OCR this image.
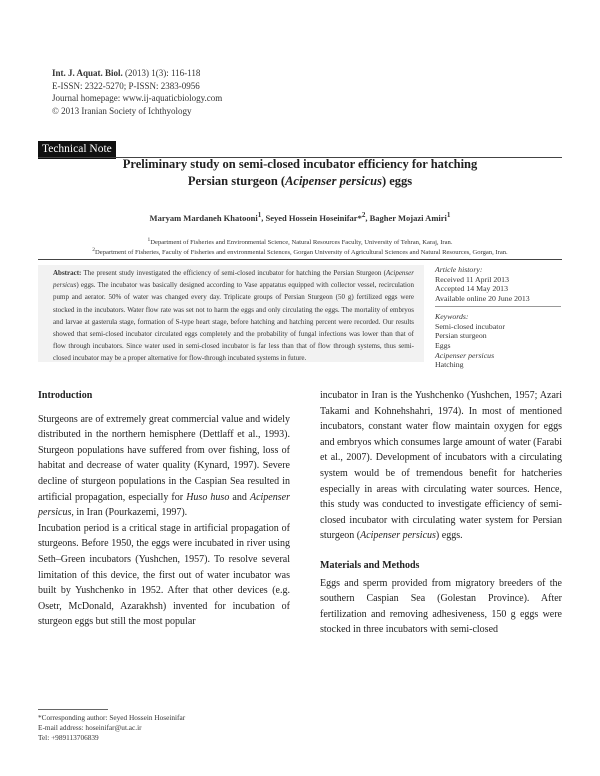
Int. J. Aquat. Biol. (2013) 1(3): 116-118
E-ISSN: 2322-5270; P-ISSN: 2383-0956
Journal homepage: www.ij-aquaticbiology.com
© 2013 Iranian Society of Ichthyology
Technical Note
Preliminary study on semi-closed incubator efficiency for hatching
Persian sturgeon (Acipenser persicus) eggs
Maryam Mardaneh Khatooni$^1$, Seyed Hossein Hoseinifar*$^2$, Bagher Mojazi Amiri$^1$
$^1$Department of Fisheries and Environmental Science, Natural Resources Faculty, University of Tehran, Karaj, Iran.
$^2$Department of Fisheries, Faculty of Fisheries and environmental Sciences, Gorgan University of Agricultural Sciences and Natural Resources, Gorgan, Iran.
Abstract: The present study investigated the efficiency of semi-closed incubator for hatching the Persian Sturgeon (Acipenser persicus) eggs. The incubator was basically designed according to Vase appatatus equipped with collector vessel, recirculation pump and aerator. 50% of water was changed every day. Triplicate groups of Persian Sturgeon (50 g) fertilized eggs were stocked in the incubators. Water flow rate was set not to harm the eggs and only circulating the eggs. The mortality of embryos and larvae at gasterula stage, formation of S-type heart stage, before hatching and hatching percent were recorded. Our results showed that semi-closed incubator circulated eggs completely and the probability of fungal infections was lower than that of flow through incubators. Since water used in semi-closed incubator is far less than that of flow through systems, thus semi-closed incubator may be a proper alternative for flow-through incubated systems in future.
Article history:
Received 11 April 2013
Accepted 14 May 2013
Available online 20 June 2013
Keywords:
Semi-closed incubator
Persian sturgeon
Eggs
Acipenser persicus
Hatching
Introduction

Sturgeons are of extremely great commercial value and widely distributed in the northern hemisphere (Dettlaff et al., 1993). Sturgeon populations have suffered from over fishing, loss of habitat and decrease of water quality (Kynard, 1997). Severe decline of sturgeon populations in the Caspian Sea resulted in artificial propagation, especially for Huso huso and Acipenser persicus, in Iran (Pourkazemi, 1997).

Incubation period is a critical stage in artificial propagation of sturgeons. Before 1950, the eggs were incubated in river using Seth–Green incubators (Yushchen, 1957). To resolve several limitation of this device, the first out of water incubator was built by Yushchenko in 1952. After that other devices (e.g. Osetr, McDonald, Azarakhsh) invented for incubation of sturgeon eggs but still the most popular

incubator in Iran is the Yushchenko (Yushchen, 1957; Azari Takami and Kohnehshahri, 1974). In most of mentioned incubators, constant water flow maintain oxygen for eggs and embryos which consumes large amount of water (Farabi et al., 2007). Development of incubators with a circulating system would be of tremendous benefit for hatcheries especially in areas with circulating water sources. Hence, this study was conducted to investigate efficiency of semi-closed incubator with circulating water system for Persian sturgeon (Acipenser persicus) eggs.

Materials and Methods

Eggs and sperm provided from migratory breeders of the southern Caspian Sea (Golestan Province). After fertilization and removing adhesiveness, 150 g eggs were stocked in three incubators with semi-closed

*Corresponding author: Seyed Hossein Hoseinifar
E-mail address: hoseinifar@ut.ac.ir
Tel: +989113706839
